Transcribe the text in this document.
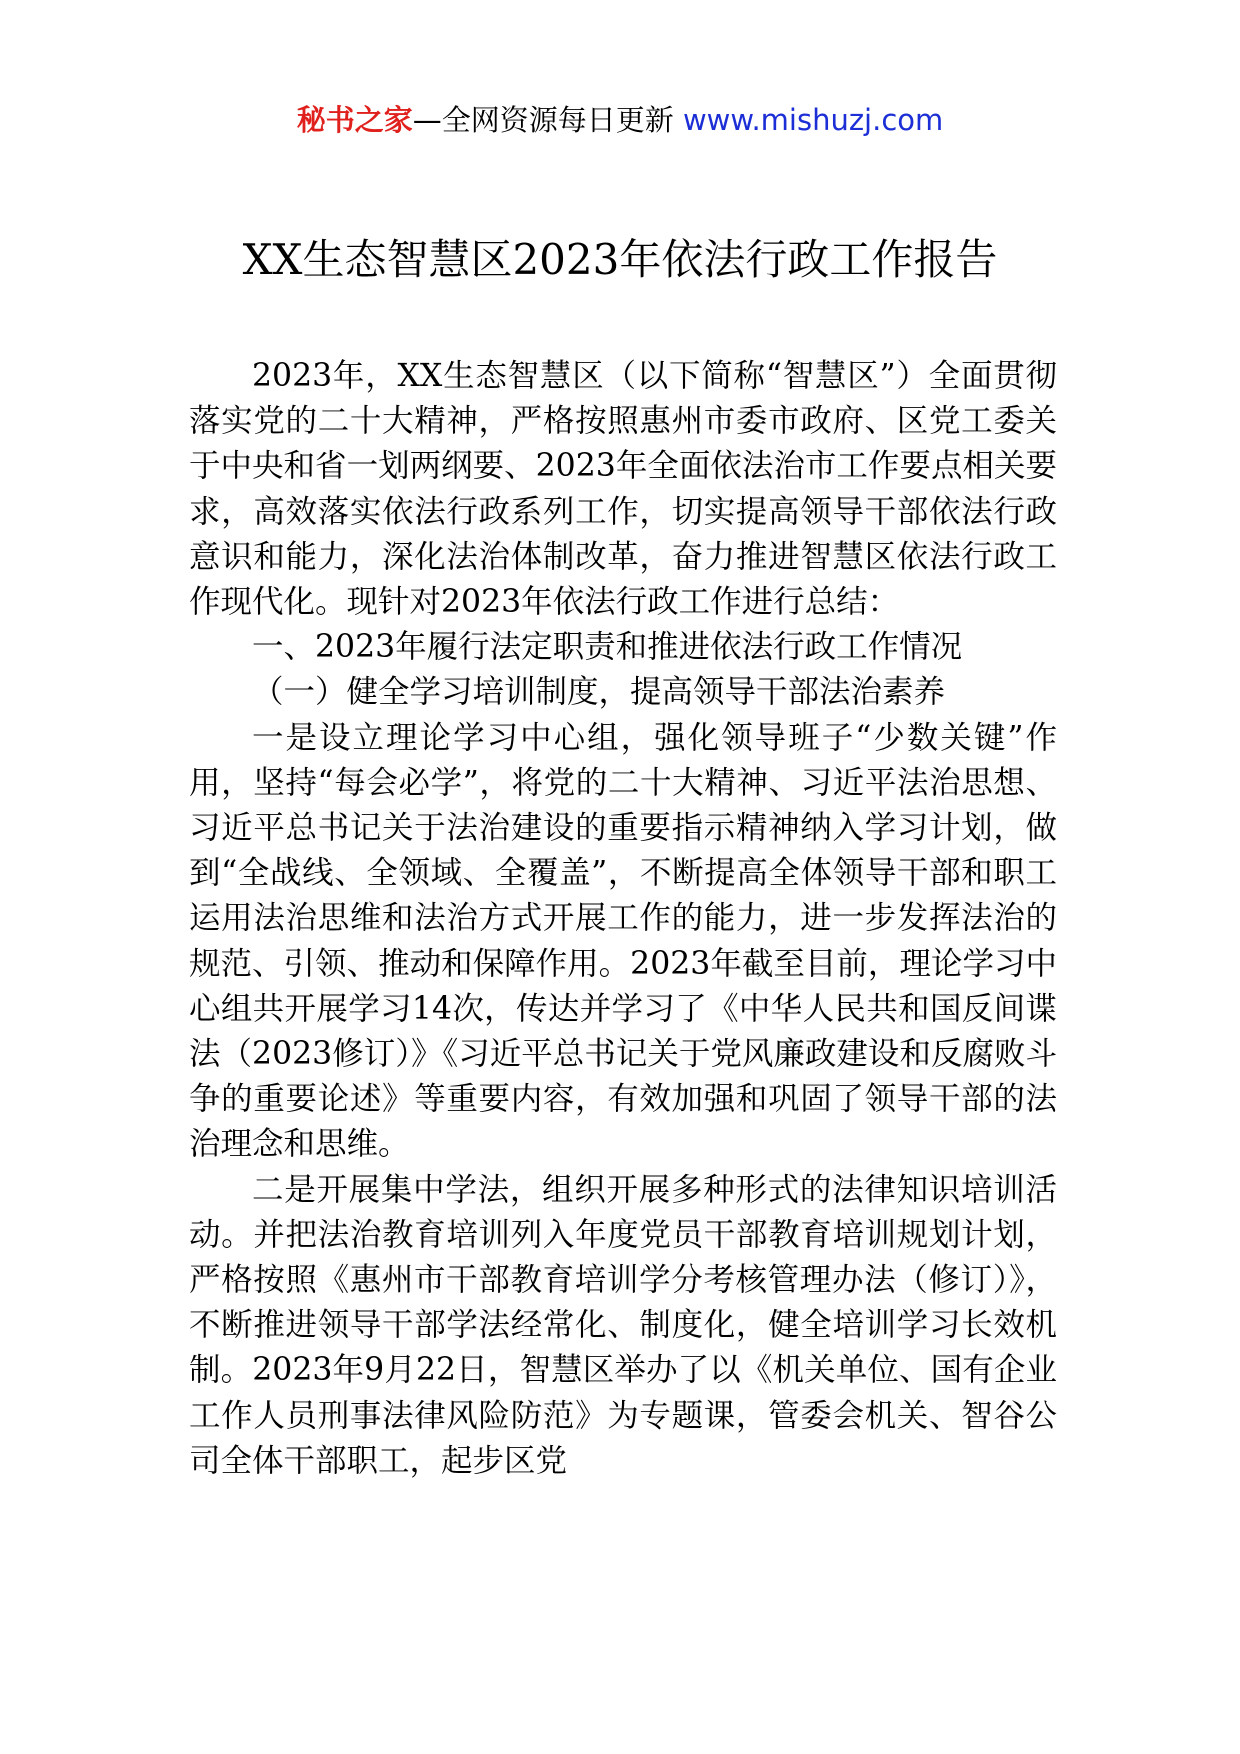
秘书之家—全网资源每日更新 www.mishuzj.com
XX生态智慧区2023年依法行政工作报告

2023年，XX生态智慧区（以下简称“智慧区”）全面贯彻落实党的二十大精神，严格按照惠州市委市政府、区党工委关于中央和省一划两纲要、2023年全面依法治市工作要点相关要求，高效落实依法行政系列工作，切实提高领导干部依法行政意识和能力，深化法治体制改革，奋力推进智慧区依法行政工作现代化。现针对2023年依法行政工作进行总结：

一、2023年履行法定职责和推进依法行政工作情况

（一）健全学习培训制度，提高领导干部法治素养

一是设立理论学习中心组，强化领导班子“少数关键”作用，坚持“每会必学”，将党的二十大精神、习近平法治思想、习近平总书记关于法治建设的重要指示精神纳入学习计划，做到“全战线、全领域、全覆盖”，不断提高全体领导干部和职工运用法治思维和法治方式开展工作的能力，进一步发挥法治的规范、引领、推动和保障作用。2023年截至目前，理论学习中心组共开展学习14次，传达并学习了《中华人民共和国反间谍法（2023修订）》《习近平总书记关于党风廉政建设和反腐败斗争的重要论述》等重要内容，有效加强和巩固了领导干部的法治理念和思维。

二是开展集中学法，组织开展多种形式的法律知识培训活动。并把法治教育培训列入年度党员干部教育培训规划计划，严格按照《惠州市干部教育培训学分考核管理办法（修订）》，不断推进领导干部学法经常化、制度化，健全培训学习长效机制。2023年9月22日，智慧区举办了以《机关单位、国有企业工作人员刑事法律风险防范》为专题课，管委会机关、智谷公司全体干部职工，起步区党
